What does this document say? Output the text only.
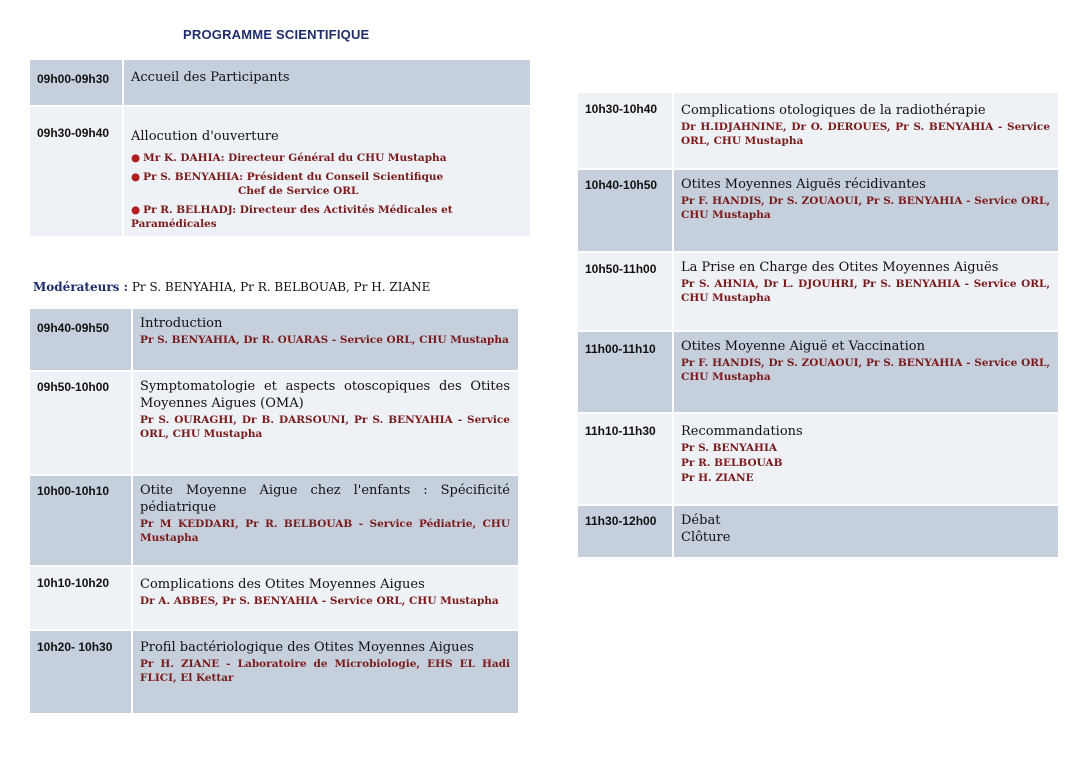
PROGRAMME SCIENTIFIQUE
09h00-09h30	Accueil des Participants
09h30-09h40	Allocution d'ouverture
● Mr K. DAHIA: Directeur Général du CHU Mustapha
● Pr S. BENYAHIA: Président du Conseil Scientifique
Chef de Service ORL
● Pr R. BELHADJ: Directeur des Activités Médicales et Paramédicales
Modérateurs : Pr S. BENYAHIA, Pr R. BELBOUAB, Pr H. ZIANE
09h40-09h50	Introduction
Pr S. BENYAHIA, Dr R. OUARAS - Service ORL, CHU Mustapha
09h50-10h00	Symptomatologie et aspects otoscopiques des Otites Moyennes Aigues (OMA)
Pr S. OURAGHI, Dr B. DARSOUNI, Pr S. BENYAHIA - Service ORL, CHU Mustapha
10h00-10h10	Otite Moyenne Aigue chez l'enfants : Spécificité pédiatrique
Pr M KEDDARI, Pr R. BELBOUAB - Service Pédiatrie, CHU Mustapha
10h10-10h20	Complications des Otites Moyennes Aigues
Dr A. ABBES, Pr S. BENYAHIA - Service ORL, CHU Mustapha
10h20- 10h30	Profil bactériologique des Otites Moyennes Aigues
Pr H. ZIANE - Laboratoire de Microbiologie, EHS EL Hadi FLICI, El Kettar
10h30-10h40	Complications otologiques de la radiothérapie
Dr H.IDJAHNINE, Dr O. DEROUES, Pr S. BENYAHIA - Service ORL, CHU Mustapha
10h40-10h50	Otites Moyennes Aiguës récidivantes
Pr F. HANDIS, Dr S. ZOUAOUI, Pr S. BENYAHIA - Service ORL, CHU Mustapha
10h50-11h00	La Prise en Charge des Otites Moyennes Aiguës
Pr S. AHNIA, Dr L. DJOUHRI, Pr S. BENYAHIA - Service ORL, CHU Mustapha
11h00-11h10	Otites Moyenne Aiguë et Vaccination
Pr F. HANDIS, Dr S. ZOUAOUI, Pr S. BENYAHIA - Service ORL, CHU Mustapha
11h10-11h30	Recommandations
Pr S. BENYAHIA
Pr R. BELBOUAB
Pr H. ZIANE
11h30-12h00	Débat
Clôture
